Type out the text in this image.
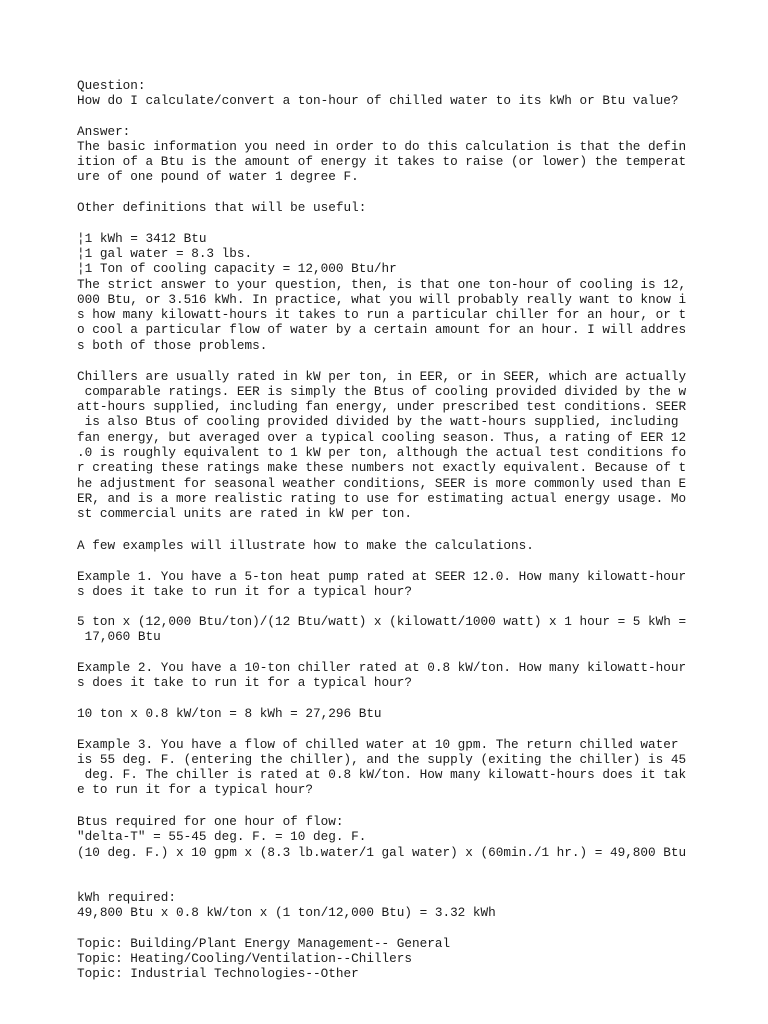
Question:
How do I calculate/convert a ton-hour of chilled water to its kWh or Btu value?
Answer:
The basic information you need in order to do this calculation is that the defin
ition of a Btu is the amount of energy it takes to raise (or lower) the temperat
ure of one pound of water 1 degree F.
Other definitions that will be useful:
¦1 kWh = 3412 Btu
¦1 gal water = 8.3 lbs.
¦1 Ton of cooling capacity = 12,000 Btu/hr
The strict answer to your question, then, is that one ton-hour of cooling is 12,
000 Btu, or 3.516 kWh. In practice, what you will probably really want to know i
s how many kilowatt-hours it takes to run a particular chiller for an hour, or t
o cool a particular flow of water by a certain amount for an hour. I will addres
s both of those problems.
Chillers are usually rated in kW per ton, in EER, or in SEER, which are actually
comparable ratings. EER is simply the Btus of cooling provided divided by the w
att-hours supplied, including fan energy, under prescribed test conditions. SEER
is also Btus of cooling provided divided by the watt-hours supplied, including
fan energy, but averaged over a typical cooling season. Thus, a rating of EER 12
.0 is roughly equivalent to 1 kW per ton, although the actual test conditions fo
r creating these ratings make these numbers not exactly equivalent. Because of t
he adjustment for seasonal weather conditions, SEER is more commonly used than E
ER, and is a more realistic rating to use for estimating actual energy usage. Mo
st commercial units are rated in kW per ton.
A few examples will illustrate how to make the calculations.
Example 1. You have a 5-ton heat pump rated at SEER 12.0. How many kilowatt-hour
s does it take to run it for a typical hour?
5 ton x (12,000 Btu/ton)/(12 Btu/watt) x (kilowatt/1000 watt) x 1 hour = 5 kWh =
17,060 Btu
Example 2. You have a 10-ton chiller rated at 0.8 kW/ton. How many kilowatt-hour
s does it take to run it for a typical hour?
10 ton x 0.8 kW/ton = 8 kWh = 27,296 Btu
Example 3. You have a flow of chilled water at 10 gpm. The return chilled water
is 55 deg. F. (entering the chiller), and the supply (exiting the chiller) is 45
deg. F. The chiller is rated at 0.8 kW/ton. How many kilowatt-hours does it tak
e to run it for a typical hour?
Btus required for one hour of flow:
"delta-T" = 55-45 deg. F. = 10 deg. F.
(10 deg. F.) x 10 gpm x (8.3 lb.water/1 gal water) x (60min./1 hr.) = 49,800 Btu
kWh required:
49,800 Btu x 0.8 kW/ton x (1 ton/12,000 Btu) = 3.32 kWh
Topic: Building/Plant Energy Management-- General
Topic: Heating/Cooling/Ventilation--Chillers
Topic: Industrial Technologies--Other
